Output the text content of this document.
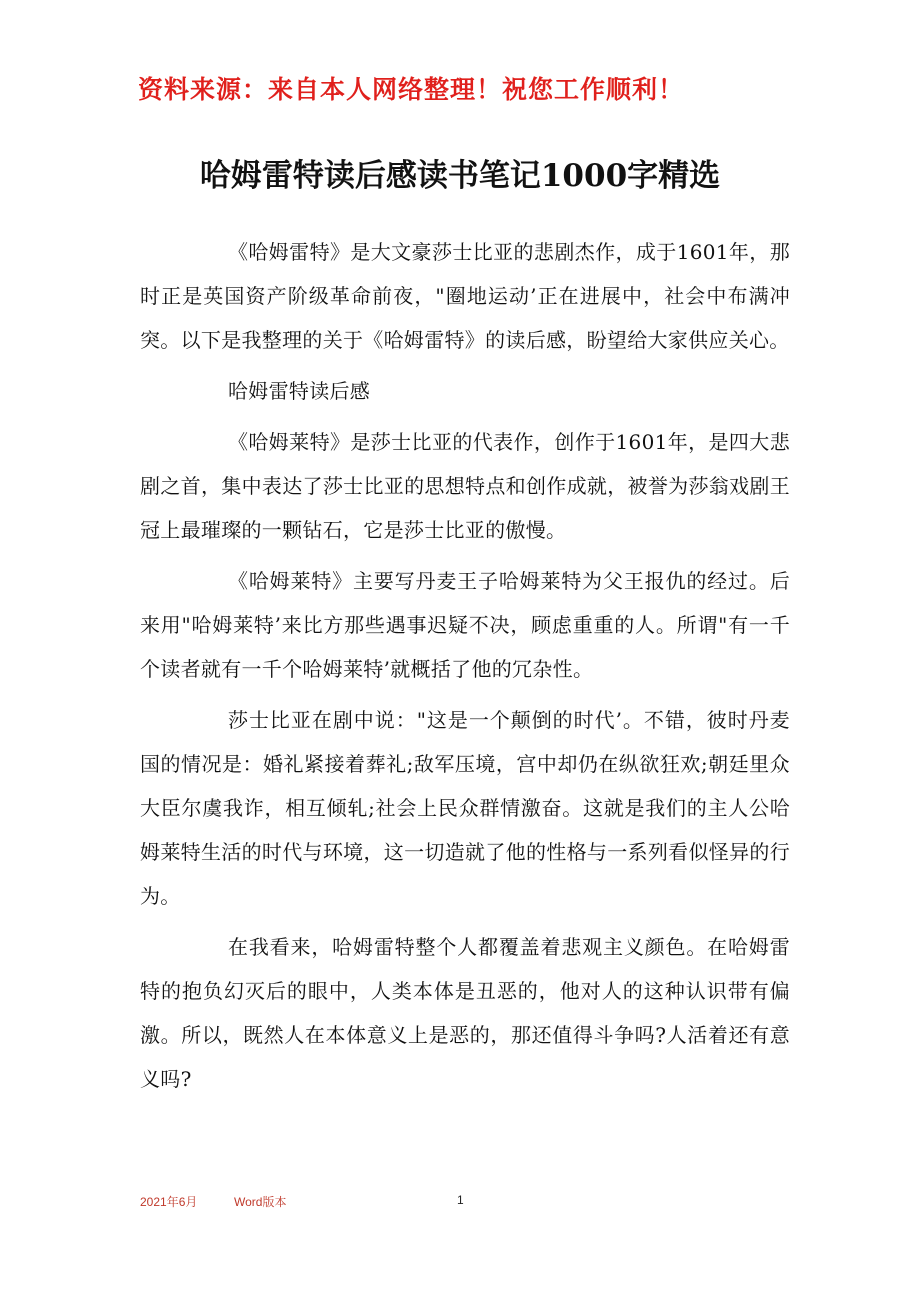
资料来源：来自本人网络整理！祝您工作顺利！
哈姆雷特读后感读书笔记1000字精选

《哈姆雷特》是大文豪莎士比亚的悲剧杰作，成于1601年，那时正是英国资产阶级革命前夜，"圈地运动’正在进展中，社会中布满冲突。以下是我整理的关于《哈姆雷特》的读后感，盼望给大家供应关心。

哈姆雷特读后感

《哈姆莱特》是莎士比亚的代表作，创作于1601年，是四大悲剧之首，集中表达了莎士比亚的思想特点和创作成就，被誉为莎翁戏剧王冠上最璀璨的一颗钻石，它是莎士比亚的傲慢。

《哈姆莱特》主要写丹麦王子哈姆莱特为父王报仇的经过。后来用"哈姆莱特’来比方那些遇事迟疑不决，顾虑重重的人。所谓"有一千个读者就有一千个哈姆莱特’就概括了他的冗杂性。

莎士比亚在剧中说："这是一个颠倒的时代’。不错，彼时丹麦国的情况是：婚礼紧接着葬礼;敌军压境，宫中却仍在纵欲狂欢;朝廷里众大臣尔虞我诈，相互倾轧;社会上民众群情激奋。这就是我们的主人公哈姆莱特生活的时代与环境，这一切造就了他的性格与一系列看似怪异的行为。

在我看来，哈姆雷特整个人都覆盖着悲观主义颜色。在哈姆雷特的抱负幻灭后的眼中，人类本体是丑恶的，他对人的这种认识带有偏激。所以，既然人在本体意义上是恶的，那还值得斗争吗?人活着还有意义吗?

2021年6月	Word版本	1
